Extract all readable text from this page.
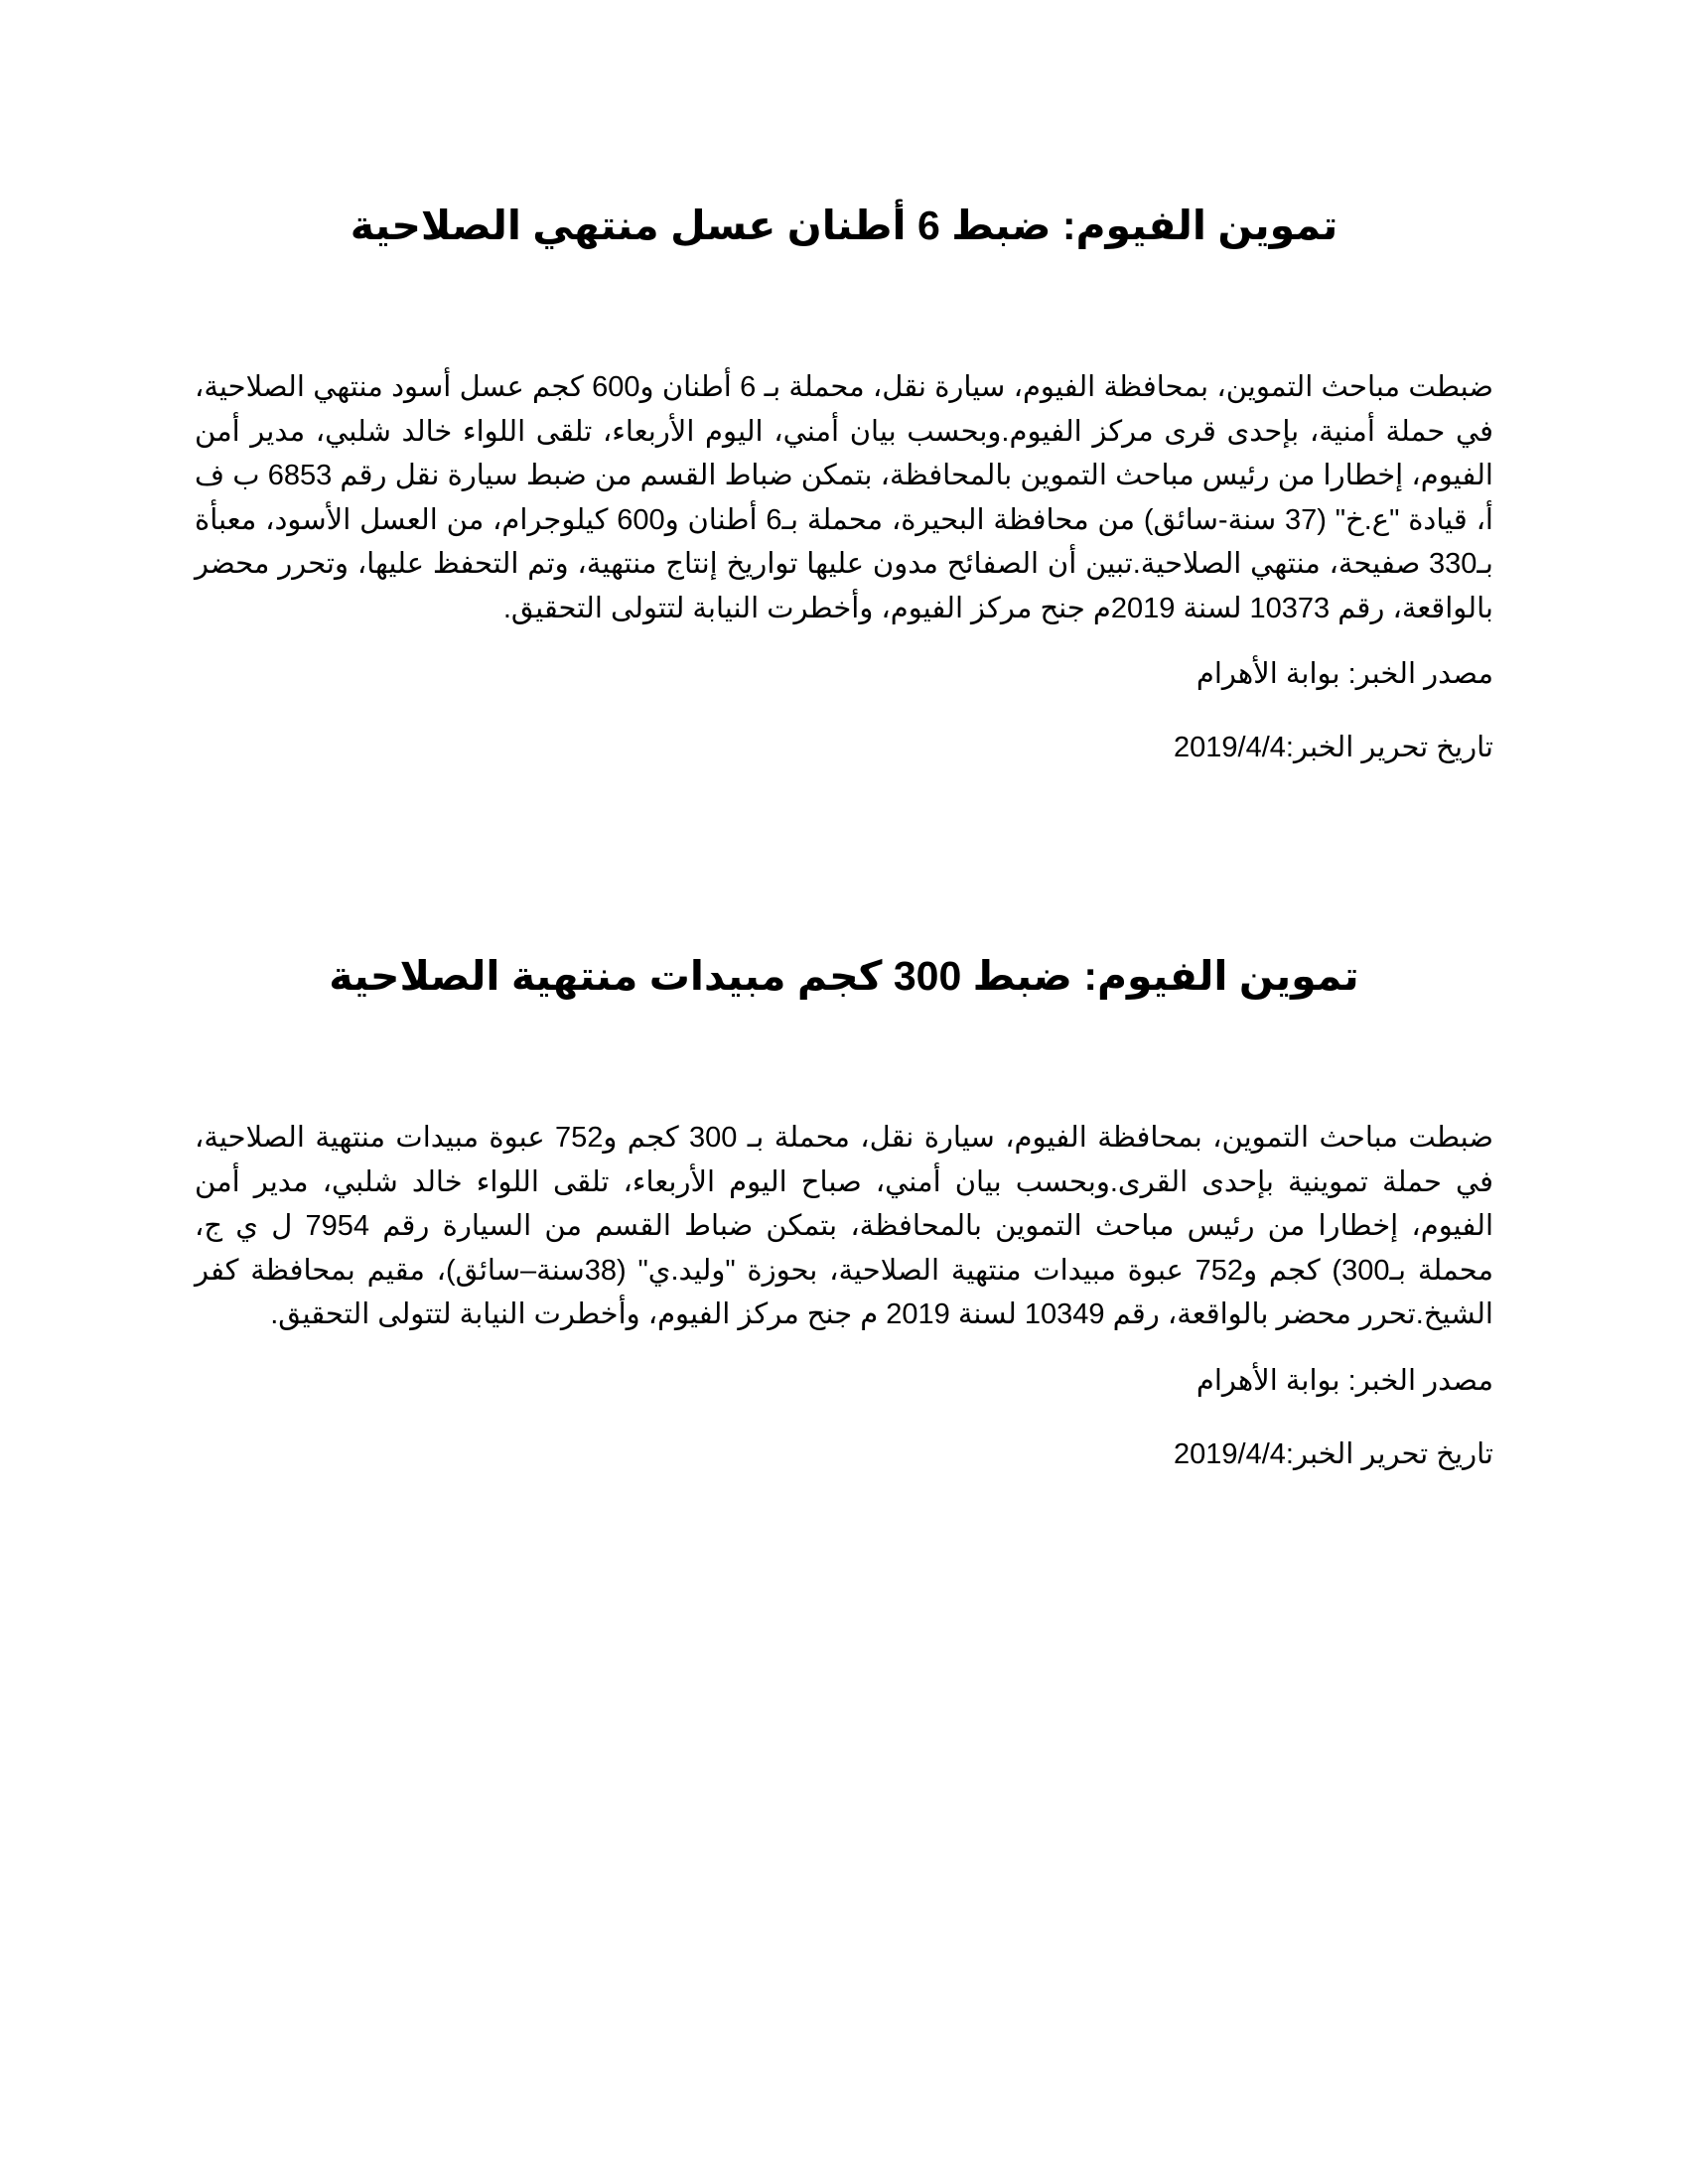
تموين الفيوم: ضبط 6 أطنان عسل منتهي الصلاحية

ضبطت مباحث التموين، بمحافظة الفيوم، سيارة نقل، محملة بـ 6 أطنان و600 كجم عسل أسود منتهي الصلاحية، في حملة أمنية، بإحدى قرى مركز الفيوم.وبحسب بيان أمني، اليوم الأربعاء، تلقى اللواء خالد شلبي، مدير أمن الفيوم، إخطارا من رئيس مباحث التموين بالمحافظة، بتمكن ضباط القسم من ضبط سيارة نقل رقم 6853 ب ف أ، قيادة "ع.خ" (37 سنة-سائق) من محافظة البحيرة، محملة بـ6 أطنان و600 كيلوجرام، من العسل الأسود، معبأة بـ330 صفيحة، منتهي الصلاحية.تبين أن الصفائح مدون عليها تواريخ إنتاج منتهية، وتم التحفظ عليها، وتحرر محضر بالواقعة، رقم 10373 لسنة 2019م جنح مركز الفيوم، وأخطرت النيابة لتتولى التحقيق.

مصدر الخبر: بوابة الأهرام

تاريخ تحرير الخبر:2019/4/4

تموين الفيوم: ضبط 300 كجم مبيدات منتهية الصلاحية

ضبطت مباحث التموين، بمحافظة الفيوم، سيارة نقل، محملة بـ 300 كجم و752 عبوة مبيدات منتهية الصلاحية، في حملة تموينية بإحدى القرى.وبحسب بيان أمني، صباح اليوم الأربعاء، تلقى اللواء خالد شلبي، مدير أمن الفيوم، إخطارا من رئيس مباحث التموين بالمحافظة، بتمكن ضباط القسم من السيارة رقم 7954 ل ي ج، محملة بـ300) كجم و752 عبوة مبيدات منتهية الصلاحية، بحوزة "وليد.ي" (38سنة–سائق)، مقيم بمحافظة كفر الشيخ.تحرر محضر بالواقعة، رقم 10349 لسنة 2019 م جنح مركز الفيوم، وأخطرت النيابة لتتولى التحقيق.

مصدر الخبر: بوابة الأهرام

تاريخ تحرير الخبر:2019/4/4
